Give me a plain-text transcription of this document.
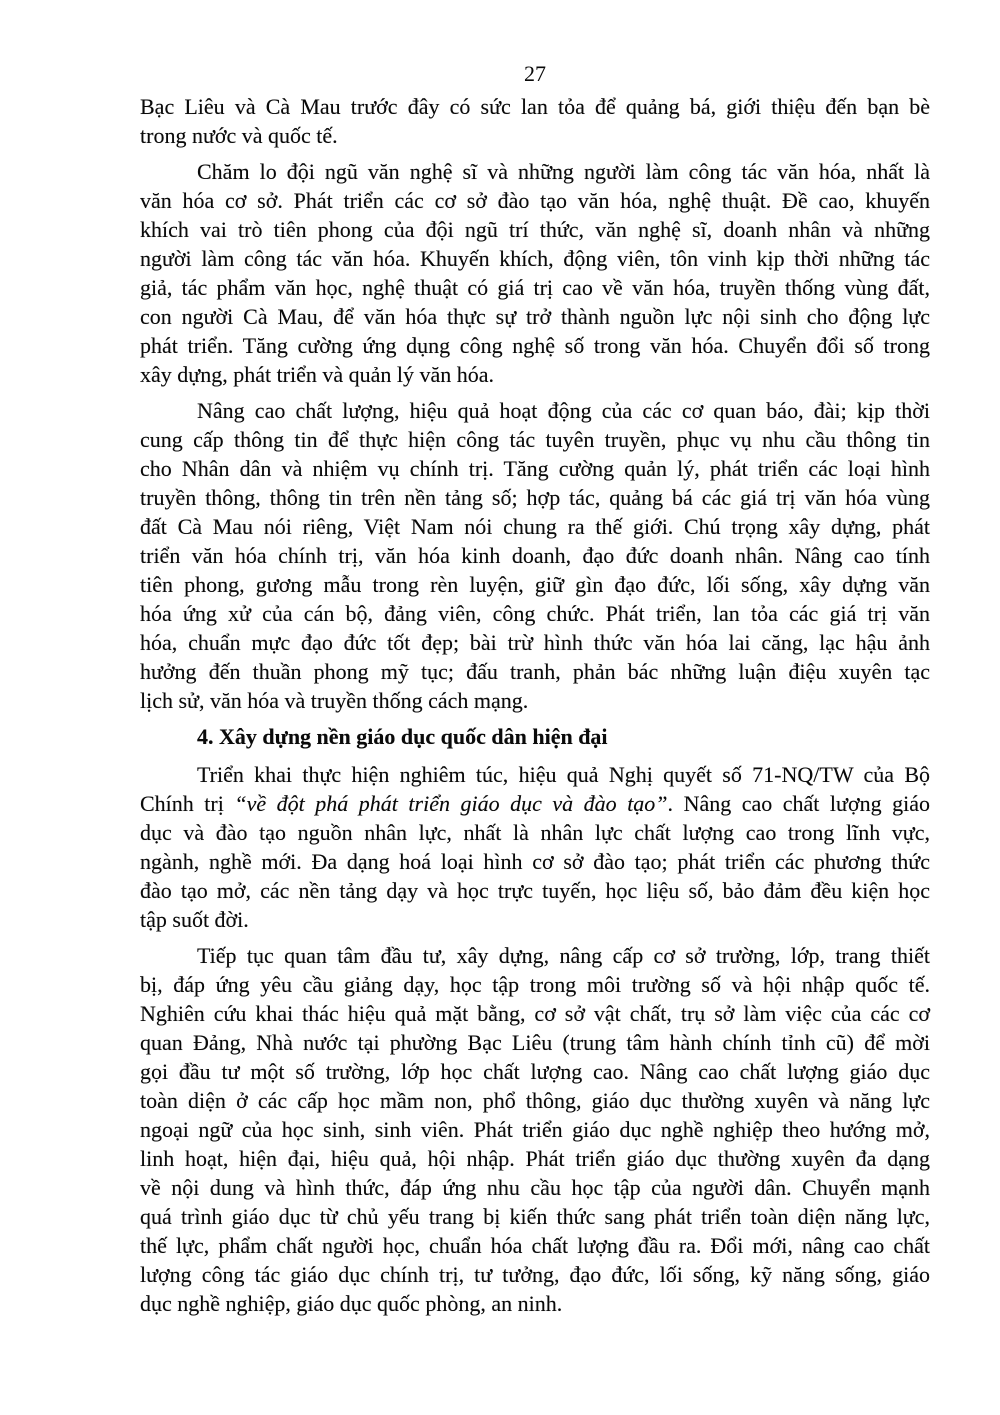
27
Bạc Liêu và Cà Mau trước đây có sức lan tỏa để quảng bá, giới thiệu đến bạn bè
trong nước và quốc tế.
Chăm lo đội ngũ văn nghệ sĩ và những người làm công tác văn hóa, nhất là
văn hóa cơ sở. Phát triển các cơ sở đào tạo văn hóa, nghệ thuật. Đề cao, khuyến
khích vai trò tiên phong của đội ngũ trí thức, văn nghệ sĩ, doanh nhân và những
người làm công tác văn hóa. Khuyến khích, động viên, tôn vinh kịp thời những tác
giả, tác phẩm văn học, nghệ thuật có giá trị cao về văn hóa, truyền thống vùng đất,
con người Cà Mau, để văn hóa thực sự trở thành nguồn lực nội sinh cho động lực
phát triển. Tăng cường ứng dụng công nghệ số trong văn hóa. Chuyển đổi số trong
xây dựng, phát triển và quản lý văn hóa.
Nâng cao chất lượng, hiệu quả hoạt động của các cơ quan báo, đài; kịp thời
cung cấp thông tin để thực hiện công tác tuyên truyền, phục vụ nhu cầu thông tin
cho Nhân dân và nhiệm vụ chính trị. Tăng cường quản lý, phát triển các loại hình
truyền thông, thông tin trên nền tảng số; hợp tác, quảng bá các giá trị văn hóa vùng
đất Cà Mau nói riêng, Việt Nam nói chung ra thế giới. Chú trọng xây dựng, phát
triển văn hóa chính trị, văn hóa kinh doanh, đạo đức doanh nhân. Nâng cao tính
tiên phong, gương mẫu trong rèn luyện, giữ gìn đạo đức, lối sống, xây dựng văn
hóa ứng xử của cán bộ, đảng viên, công chức. Phát triển, lan tỏa các giá trị văn
hóa, chuẩn mực đạo đức tốt đẹp; bài trừ hình thức văn hóa lai căng, lạc hậu ảnh
hưởng đến thuần phong mỹ tục; đấu tranh, phản bác những luận điệu xuyên tạc
lịch sử, văn hóa và truyền thống cách mạng.
4. Xây dựng nền giáo dục quốc dân hiện đại
Triển khai thực hiện nghiêm túc, hiệu quả Nghị quyết số 71-NQ/TW của Bộ
Chính trị “về đột phá phát triển giáo dục và đào tạo”. Nâng cao chất lượng giáo
dục và đào tạo nguồn nhân lực, nhất là nhân lực chất lượng cao trong lĩnh vực,
ngành, nghề mới. Đa dạng hoá loại hình cơ sở đào tạo; phát triển các phương thức
đào tạo mở, các nền tảng dạy và học trực tuyến, học liệu số, bảo đảm đều kiện học
tập suốt đời.
Tiếp tục quan tâm đầu tư, xây dựng, nâng cấp cơ sở trường, lớp, trang thiết
bị, đáp ứng yêu cầu giảng dạy, học tập trong môi trường số và hội nhập quốc tế.
Nghiên cứu khai thác hiệu quả mặt bằng, cơ sở vật chất, trụ sở làm việc của các cơ
quan Đảng, Nhà nước tại phường Bạc Liêu (trung tâm hành chính tỉnh cũ) để mời
gọi đầu tư một số trường, lớp học chất lượng cao. Nâng cao chất lượng giáo dục
toàn diện ở các cấp học mầm non, phổ thông, giáo dục thường xuyên và năng lực
ngoại ngữ của học sinh, sinh viên. Phát triển giáo dục nghề nghiệp theo hướng mở,
linh hoạt, hiện đại, hiệu quả, hội nhập. Phát triển giáo dục thường xuyên đa dạng
về nội dung và hình thức, đáp ứng nhu cầu học tập của người dân. Chuyển mạnh
quá trình giáo dục từ chủ yếu trang bị kiến thức sang phát triển toàn diện năng lực,
thế lực, phẩm chất người học, chuẩn hóa chất lượng đầu ra. Đổi mới, nâng cao chất
lượng công tác giáo dục chính trị, tư tưởng, đạo đức, lối sống, kỹ năng sống, giáo
dục nghề nghiệp, giáo dục quốc phòng, an ninh.
